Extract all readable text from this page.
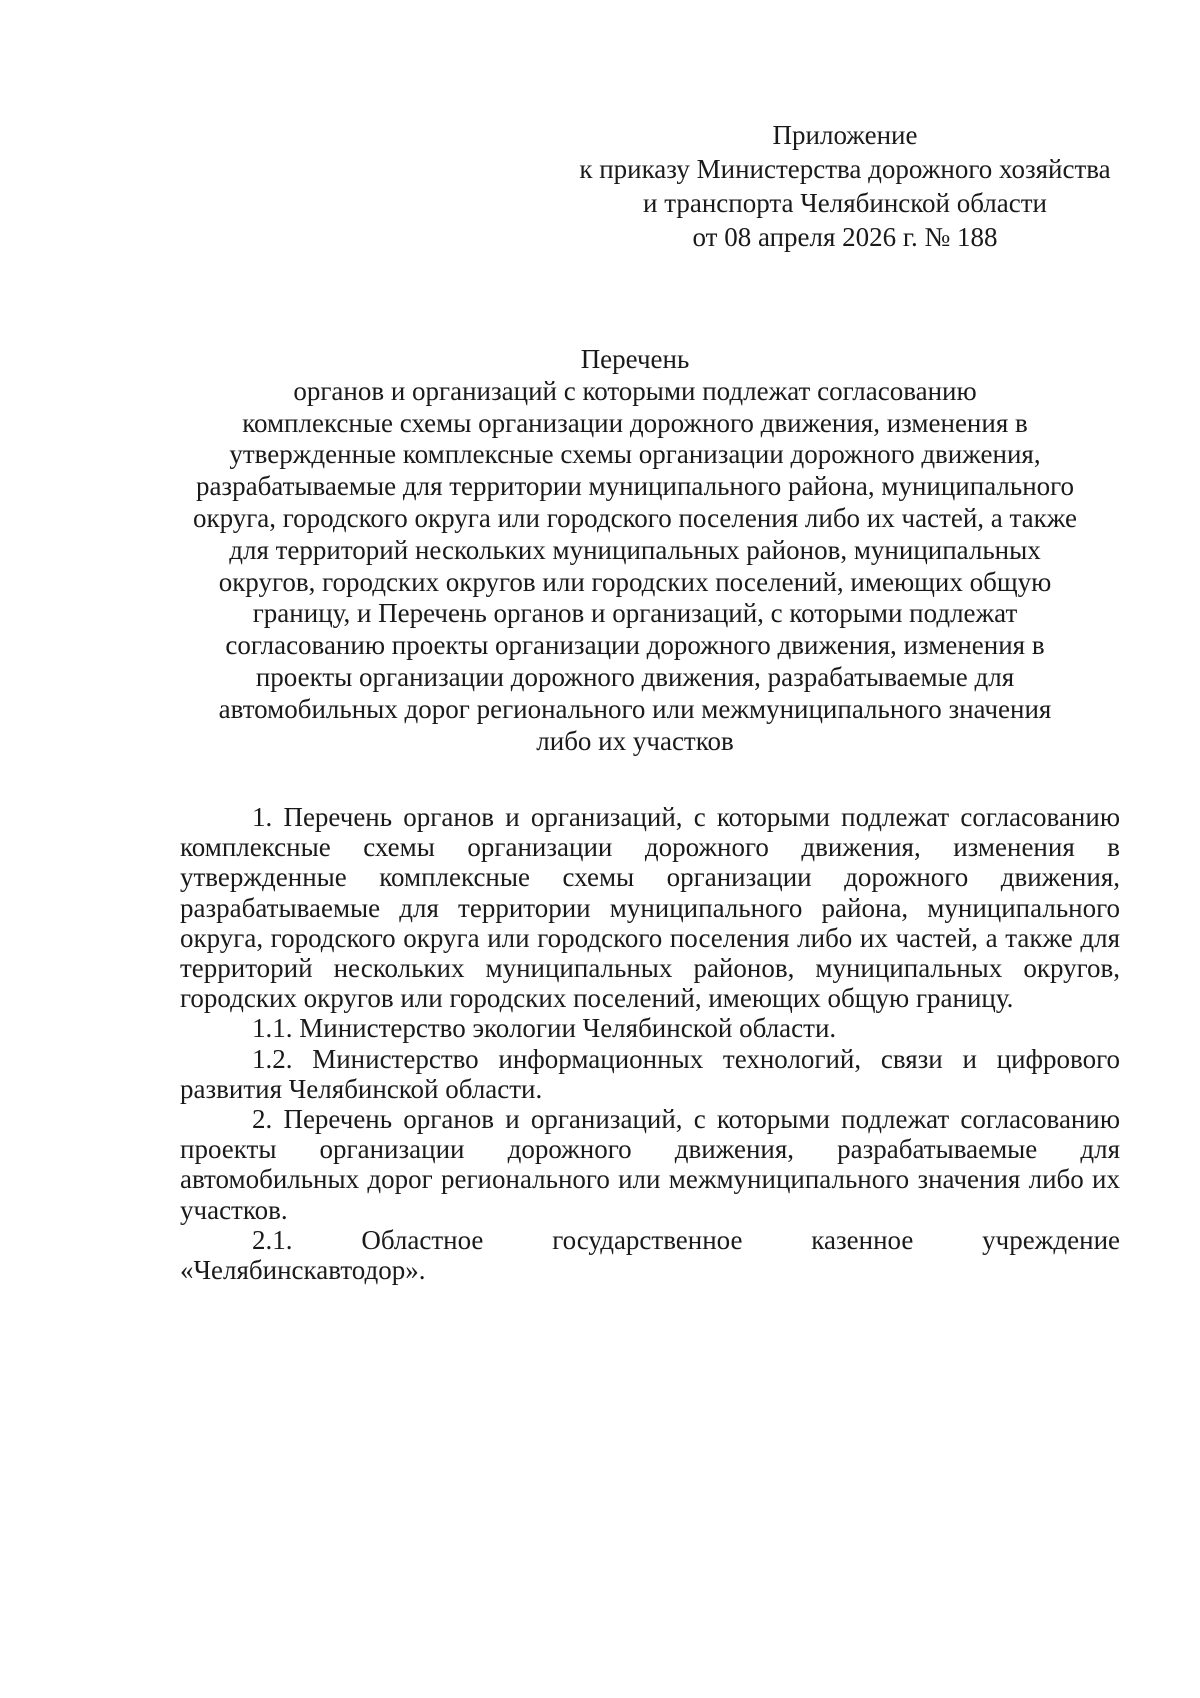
Приложение
к приказу Министерства дорожного хозяйства
и транспорта Челябинской области
от 08 апреля 2026 г. № 188
Перечень
органов и организаций с которыми подлежат согласованию
комплексные схемы организации дорожного движения, изменения в
утвержденные комплексные схемы организации дорожного движения,
разрабатываемые для территории муниципального района, муниципального
округа, городского округа или городского поселения либо их частей, а также
для территорий нескольких муниципальных районов, муниципальных
округов, городских округов или городских поселений, имеющих общую
границу, и Перечень органов и организаций, с которыми подлежат
согласованию проекты организации дорожного движения, изменения в
проекты организации дорожного движения, разрабатываемые для
автомобильных дорог регионального или межмуниципального значения
либо их участков

1. Перечень органов и организаций, с которыми подлежат согласованию комплексные схемы организации дорожного движения, изменения в утвержденные комплексные схемы организации дорожного движения, разрабатываемые для территории муниципального района, муниципального округа, городского округа или городского поселения либо их частей, а также для территорий нескольких муниципальных районов, муниципальных округов, городских округов или городских поселений, имеющих общую границу.

1.1. Министерство экологии Челябинской области.

1.2. Министерство информационных технологий, связи и цифрового развития Челябинской области.

2. Перечень органов и организаций, с которыми подлежат согласованию проекты организации дорожного движения, разрабатываемые для автомобильных дорог регионального или межмуниципального значения либо их участков.

2.1. Областное государственное казенное учреждение «Челябинскавтодор».
